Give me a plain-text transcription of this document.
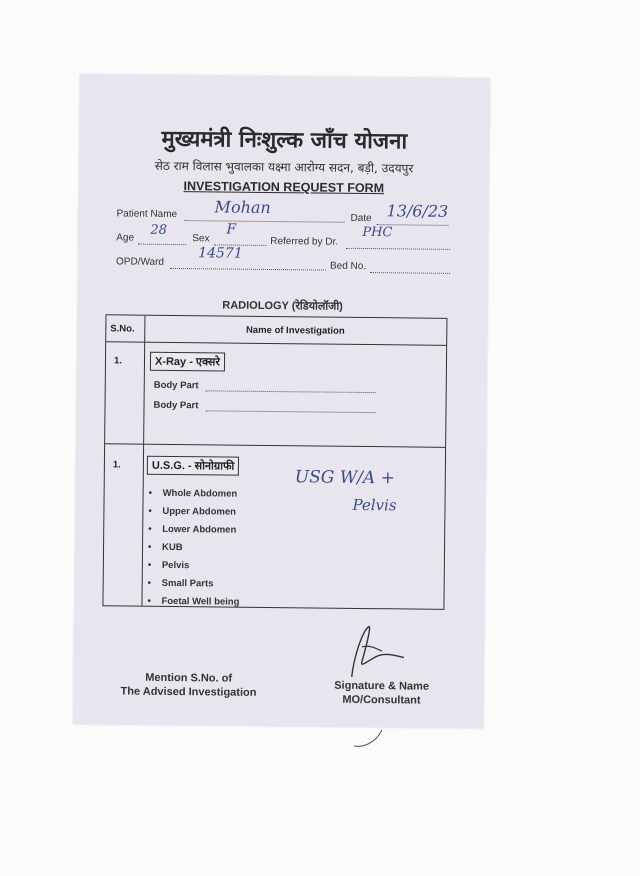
मुख्यमंत्री निःशुल्क जाँच योजना
सेठ राम विलास भुवालका यक्ष्मा आरोग्य सदन, बड़ी, उदयपुर
INVESTIGATION REQUEST FORM
Patient Name Mohan
Date 13/6/23
Age
28
Sex
F
Referred by Dr.
PHC
OPD/Ward
14571
Bed No.
RADIOLOGY (रेडियोलॉजी)
S.No.	Name of Investigation
1.	X-Ray - एक्सरे
Body Part
Body Part
1.	U.S.G. - सोनोग्राफी
• Whole Abdomen
• Upper Abdomen
• Lower Abdomen
• KUB
• Pelvis
• Small Parts
• Foetal Well being
USG W/A +
Pelvis
Mention S.No. of
The Advised Investigation	Signature & Name
MO/Consultant
